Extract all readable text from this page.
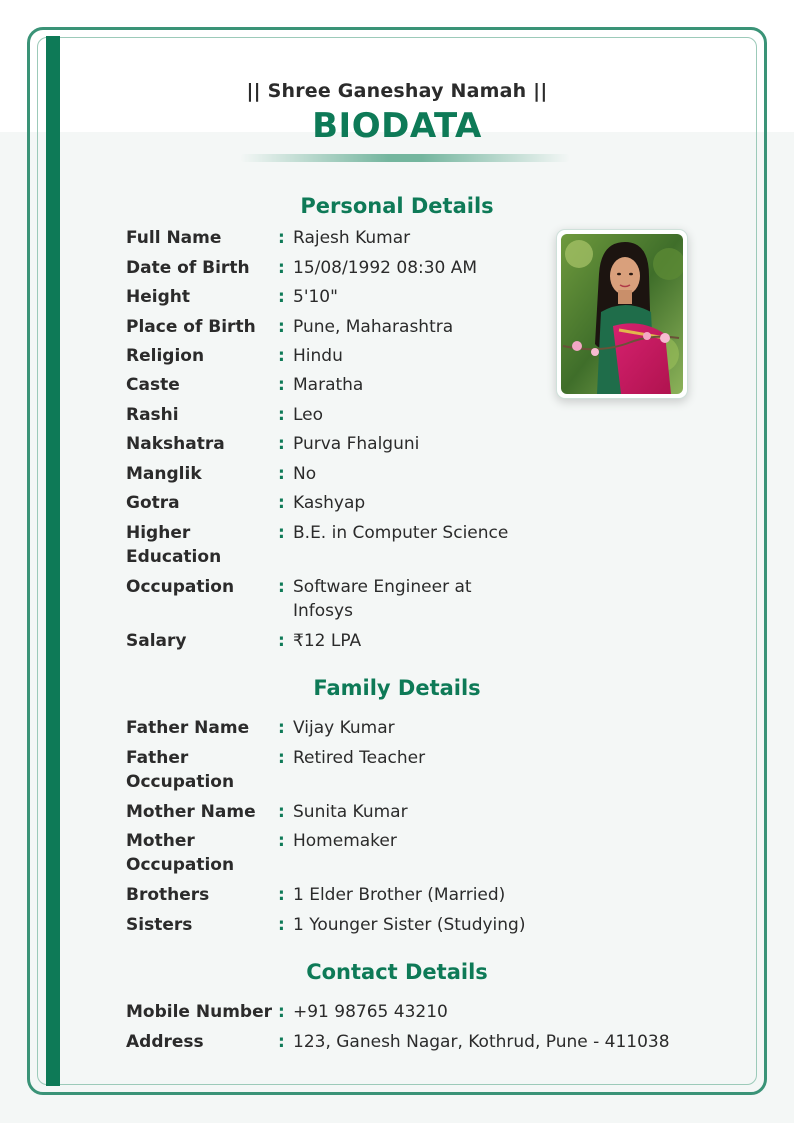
|| Shree Ganeshay Namah ||
BIODATA
Personal Details
Full Name	: Rajesh Kumar
Date of Birth	: 15/08/1992 08:30 AM
Height	: 5'10"
Place of Birth	: Pune, Maharashtra
Religion	: Hindu
Caste	: Maratha
Rashi	: Leo
Nakshatra	: Purva Fhalguni
Manglik	: No
Gotra	: Kashyap
Higher Education
: B.E. in Computer Science
Occupation	: Software Engineer at Infosys
Salary	: ₹12 LPA
Family Details
Father Name	: Vijay Kumar
Father Occupation
: Retired Teacher
Mother Name	: Sunita Kumar
Mother Occupation
: Homemaker
Brothers	: 1 Elder Brother (Married)
Sisters	: 1 Younger Sister (Studying)
Contact Details
Mobile Number : +91 98765 43210
Address	: 123, Ganesh Nagar, Kothrud, Pune - 411038
